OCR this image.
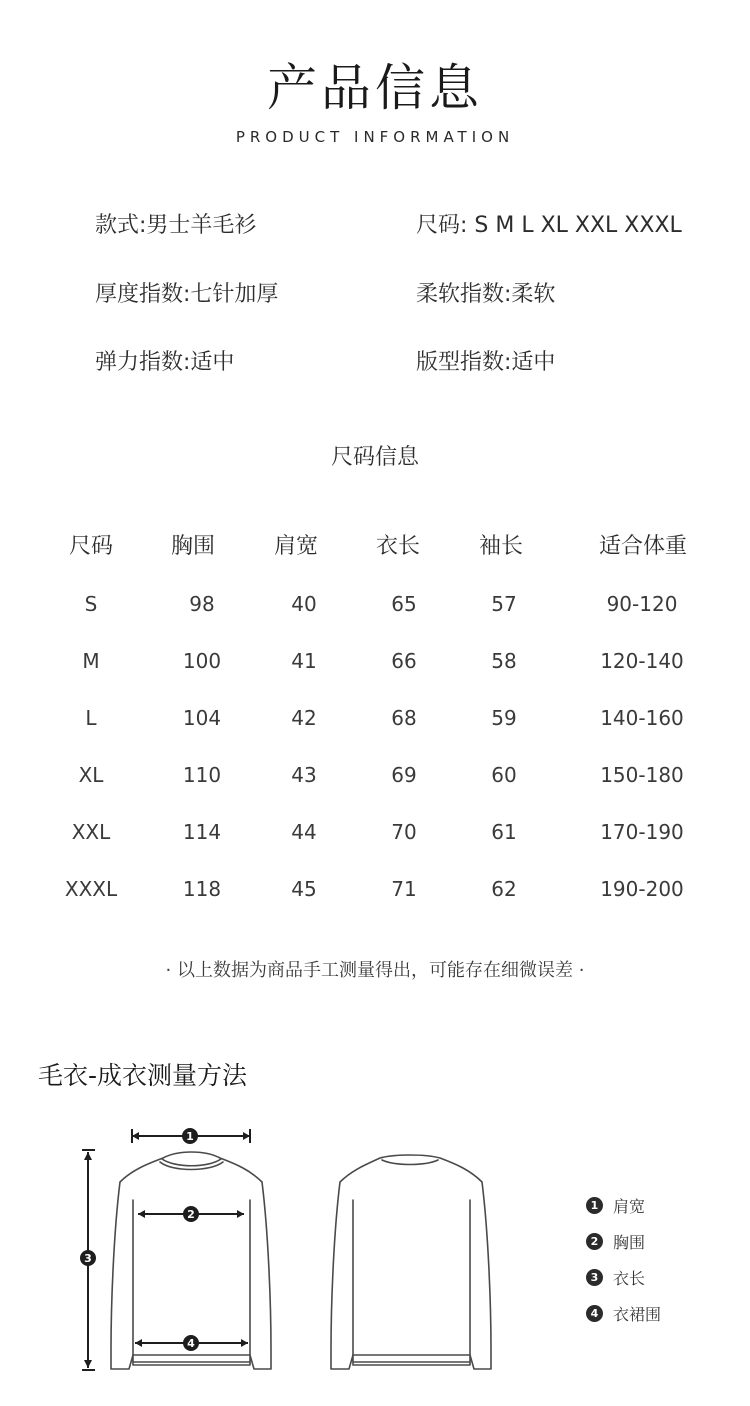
产品信息
PRODUCT INFORMATION
款式:男士羊毛衫	尺码: S M L XL XXL XXXL
厚度指数:七针加厚	柔软指数:柔软
弹力指数:适中	版型指数:适中
尺码信息
尺码	胸围	肩宽	衣长	袖长	适合体重
S	98	40	65	57	90-120
M	100	41	66	58	120-140
L	104	42	68	59	140-160
XL	110	43	69	60	150-180
XXL	114	44	70	61	170-190
XXXL	118	45	71	62	190-200
· 以上数据为商品手工测量得出，可能存在细微误差 ·
毛衣-成衣测量方法
1
2
3
4
1 肩宽
2 胸围
3 衣长
4 衣裙围
